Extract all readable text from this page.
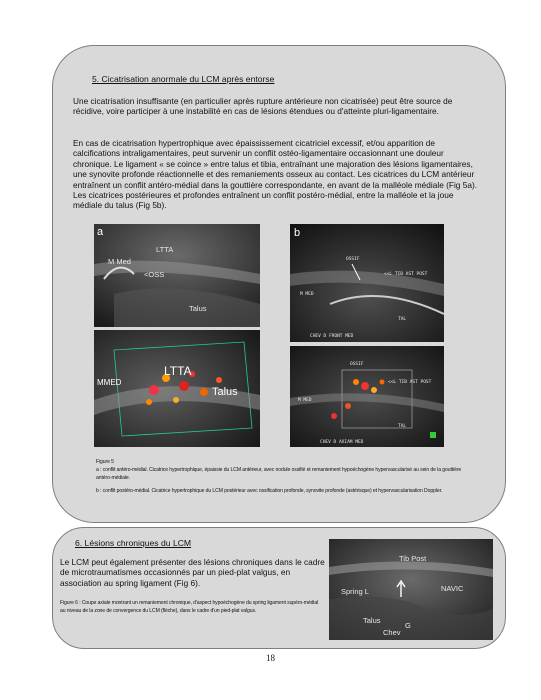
5. Cicatrisation anormale du LCM après entorse

Une cicatrisation insuffisante (en particulier après rupture antérieure non cicatrisée) peut être source de récidive, voire participer à une instabilité en cas de lésions étendues ou d'atteinte pluri-ligamentaire.

En cas de cicatrisation hypertrophique avec épaississement cicatriciel excessif, et/ou apparition de calcifications intraligamentaires, peut survenir un conflit ostéo-ligamentaire occasionnant une douleur chronique. Le ligament « se coince » entre talus et tibia, entraînant une majoration des lésions ligamentaires, une synovite profonde réactionnelle et des remaniements osseux au contact. Les cicatrices du LCM antérieur entraînent un conflit antéro-médial dans la gouttière correspondante, en avant de la malléole médiale (Fig 5a). Les cicatrices postérieures et profondes entraînent un conflit postéro-médial, entre la malléole et la joue médiale du talus (Fig 5b).

a
M Med
LTTA
<OSS
Talus
MMED
LTTA
Talus
b
OSSIF
<<L TIB AST POST
M MED
TAL
CHEV D FRONT MED
OSSIF
<<L TIB AST POST
M MED
TAL
CHEV D AXIAM MED
Figure 5
a : conflit antéro-médial. Cicatrice hypertrophique, épaissie du LCM antérieur, avec nodule ossifié et remaniement hypoéchogène hypervascularisé au sein de la gouttière antéro-médiale.
b : conflit postéro-médial. Cicatrice hypertrophique du LCM postérieur avec ossification profonde, synovite profonde (astérisque) et hypervascularisation Doppler.
6. Lésions chroniques du LCM

Le LCM peut également présenter des lésions chroniques dans le cadre de microtraumatismes occasionnés par un pied-plat valgus, en association au spring ligament (Fig 6).

Figure 6 : Coupe axiale montrant un remaniement chronique, d'aspect hypoéchogène du spring ligament supéro-médial au niveau de la zone de convergence du LCM (flèche), dans le cadre d'un pied-plat valgus.
Tib Post
Spring L	NAVIC
Talus
G
Chev
18
